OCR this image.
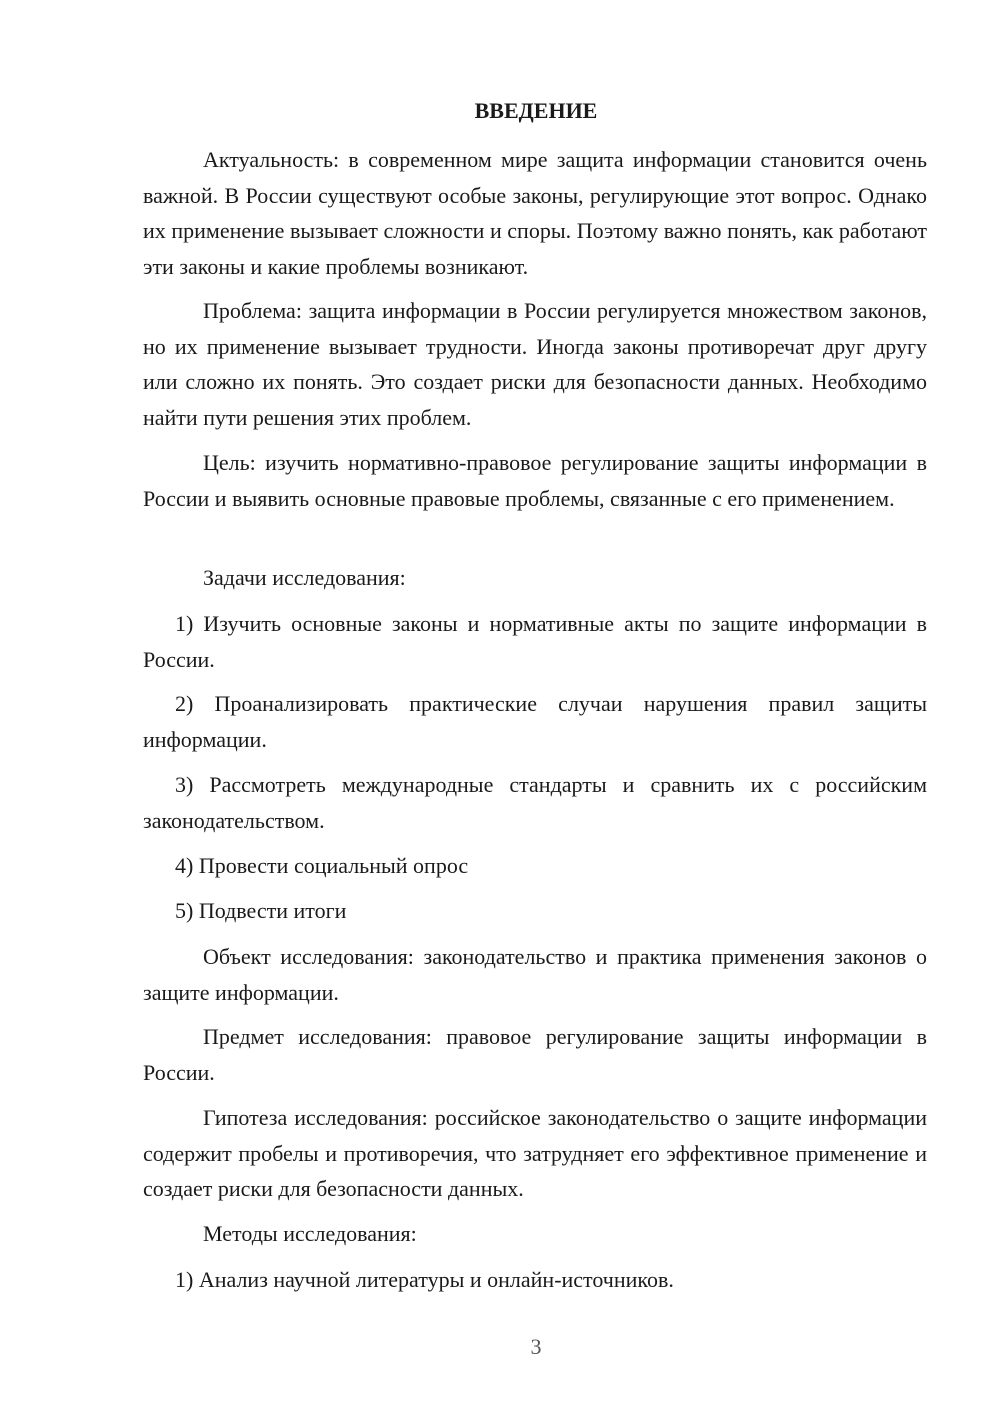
ВВЕДЕНИЕ

Актуальность: в современном мире защита информации становится очень важной. В России существуют особые законы, регулирующие этот вопрос. Однако их применение вызывает сложности и споры. Поэтому важно понять, как работают эти законы и какие проблемы возникают.

Проблема: защита информации в России регулируется множеством законов, но их применение вызывает трудности. Иногда законы противоречат друг другу или сложно их понять. Это создает риски для безопасности данных. Необходимо найти пути решения этих проблем.

Цель: изучить нормативно-правовое регулирование защиты информации в России и выявить основные правовые проблемы, связанные с его применением.

Задачи исследования:

1) Изучить основные законы и нормативные акты по защите информации в России.

2) Проанализировать практические случаи нарушения правил защиты информации.

3) Рассмотреть международные стандарты и сравнить их с российским законодательством.

4) Провести социальный опрос

5) Подвести итоги

Объект исследования: законодательство и практика применения законов о защите информации.

Предмет исследования: правовое регулирование защиты информации в России.

Гипотеза исследования: российское законодательство о защите информации содержит пробелы и противоречия, что затрудняет его эффективное применение и создает риски для безопасности данных.

Методы исследования:

1) Анализ научной литературы и онлайн-источников.

3
